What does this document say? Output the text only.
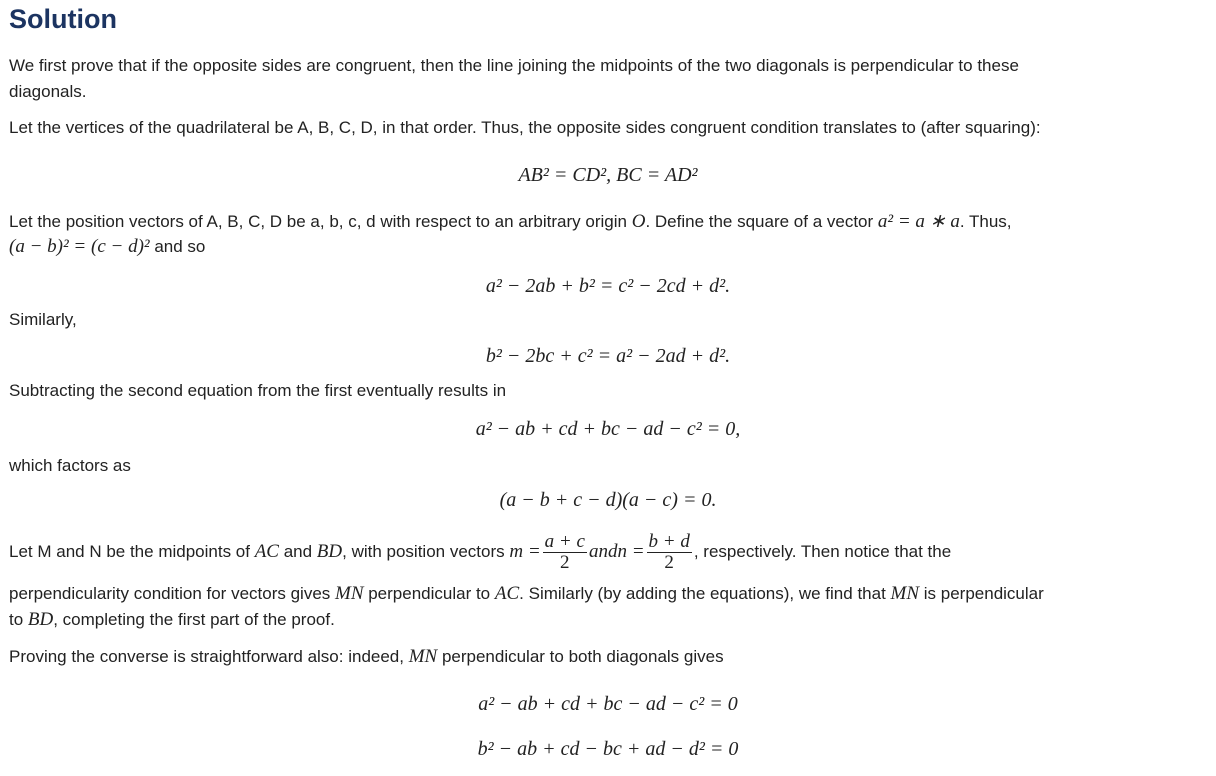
Solution
We first prove that if the opposite sides are congruent, then the line joining the midpoints of the two diagonals is perpendicular to these
diagonals.
Let the vertices of the quadrilateral be A, B, C, D, in that order. Thus, the opposite sides congruent condition translates to (after squaring):
AB² = CD², BC = AD²
Let the position vectors of A, B, C, D be a, b, c, d with respect to an arbitrary origin O. Define the square of a vector a² = a ∗ a. Thus,
(a − b)² = (c − d)² and so
a² − 2ab + b² = c² − 2cd + d².
Similarly,
b² − 2bc + c² = a² − 2ad + d².
Subtracting the second equation from the first eventually results in
a² − ab + cd + bc − ad − c² = 0,
which factors as
(a − b + c − d)(a − c) = 0.
Let M and N be the midpoints of AC and BD, with position vectors $m = \frac{a + c}{2}$ andn = $\frac{b + d}{2}$ , respectively. Then notice that the
perpendicularity condition for vectors gives MN perpendicular to AC. Similarly (by adding the equations), we find that MN is perpendicular
to BD, completing the first part of the proof.
Proving the converse is straightforward also: indeed, MN perpendicular to both diagonals gives
a² − ab + cd + bc − ad − c² = 0
b² − ab + cd − bc + ad − d² = 0
